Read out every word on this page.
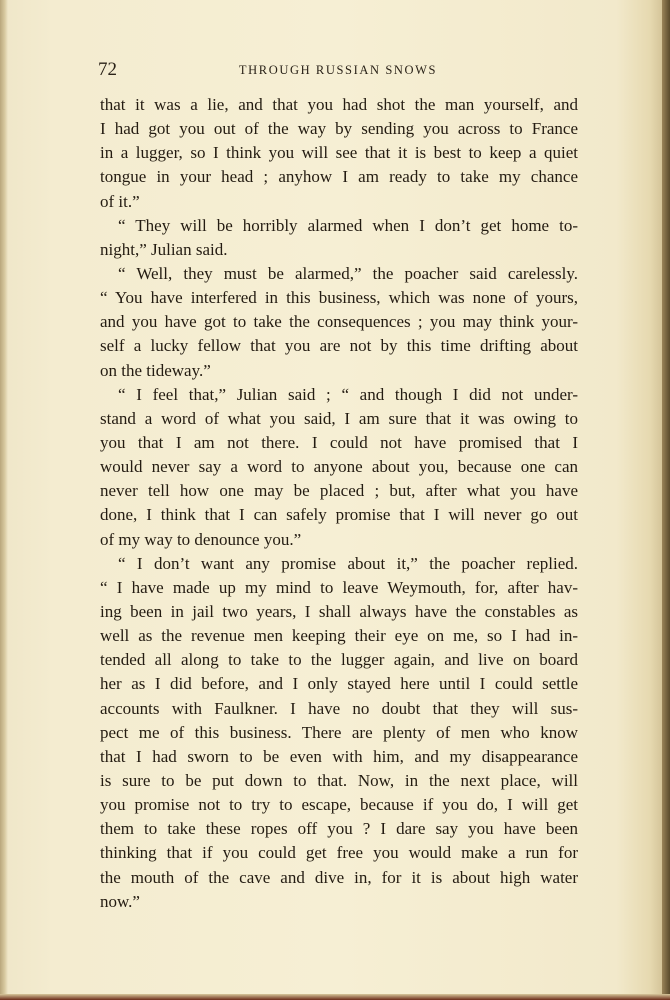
72	THROUGH RUSSIAN SNOWS
that it was a lie, and that you had shot the man yourself, and
I had got you out of the way by sending you across to France
in a lugger, so I think you will see that it is best to keep a quiet
tongue in your head ; anyhow I am ready to take my chance
of it.”
“ They will be horribly alarmed when I don’t get home to-
night,” Julian said.
“ Well, they must be alarmed,” the poacher said carelessly.
“ You have interfered in this business, which was none of yours,
and you have got to take the consequences ; you may think your-
self a lucky fellow that you are not by this time drifting about
on the tideway.”
“ I feel that,” Julian said ; “ and though I did not under-
stand a word of what you said, I am sure that it was owing to
you that I am not there. I could not have promised that I
would never say a word to anyone about you, because one can
never tell how one may be placed ; but, after what you have
done, I think that I can safely promise that I will never go out
of my way to denounce you.”
“ I don’t want any promise about it,” the poacher replied.
“ I have made up my mind to leave Weymouth, for, after hav-
ing been in jail two years, I shall always have the constables as
well as the revenue men keeping their eye on me, so I had in-
tended all along to take to the lugger again, and live on board
her as I did before, and I only stayed here until I could settle
accounts with Faulkner. I have no doubt that they will sus-
pect me of this business. There are plenty of men who know
that I had sworn to be even with him, and my disappearance
is sure to be put down to that. Now, in the next place, will
you promise not to try to escape, because if you do, I will get
them to take these ropes off you ? I dare say you have been
thinking that if you could get free you would make a run for
the mouth of the cave and dive in, for it is about high water
now.”
